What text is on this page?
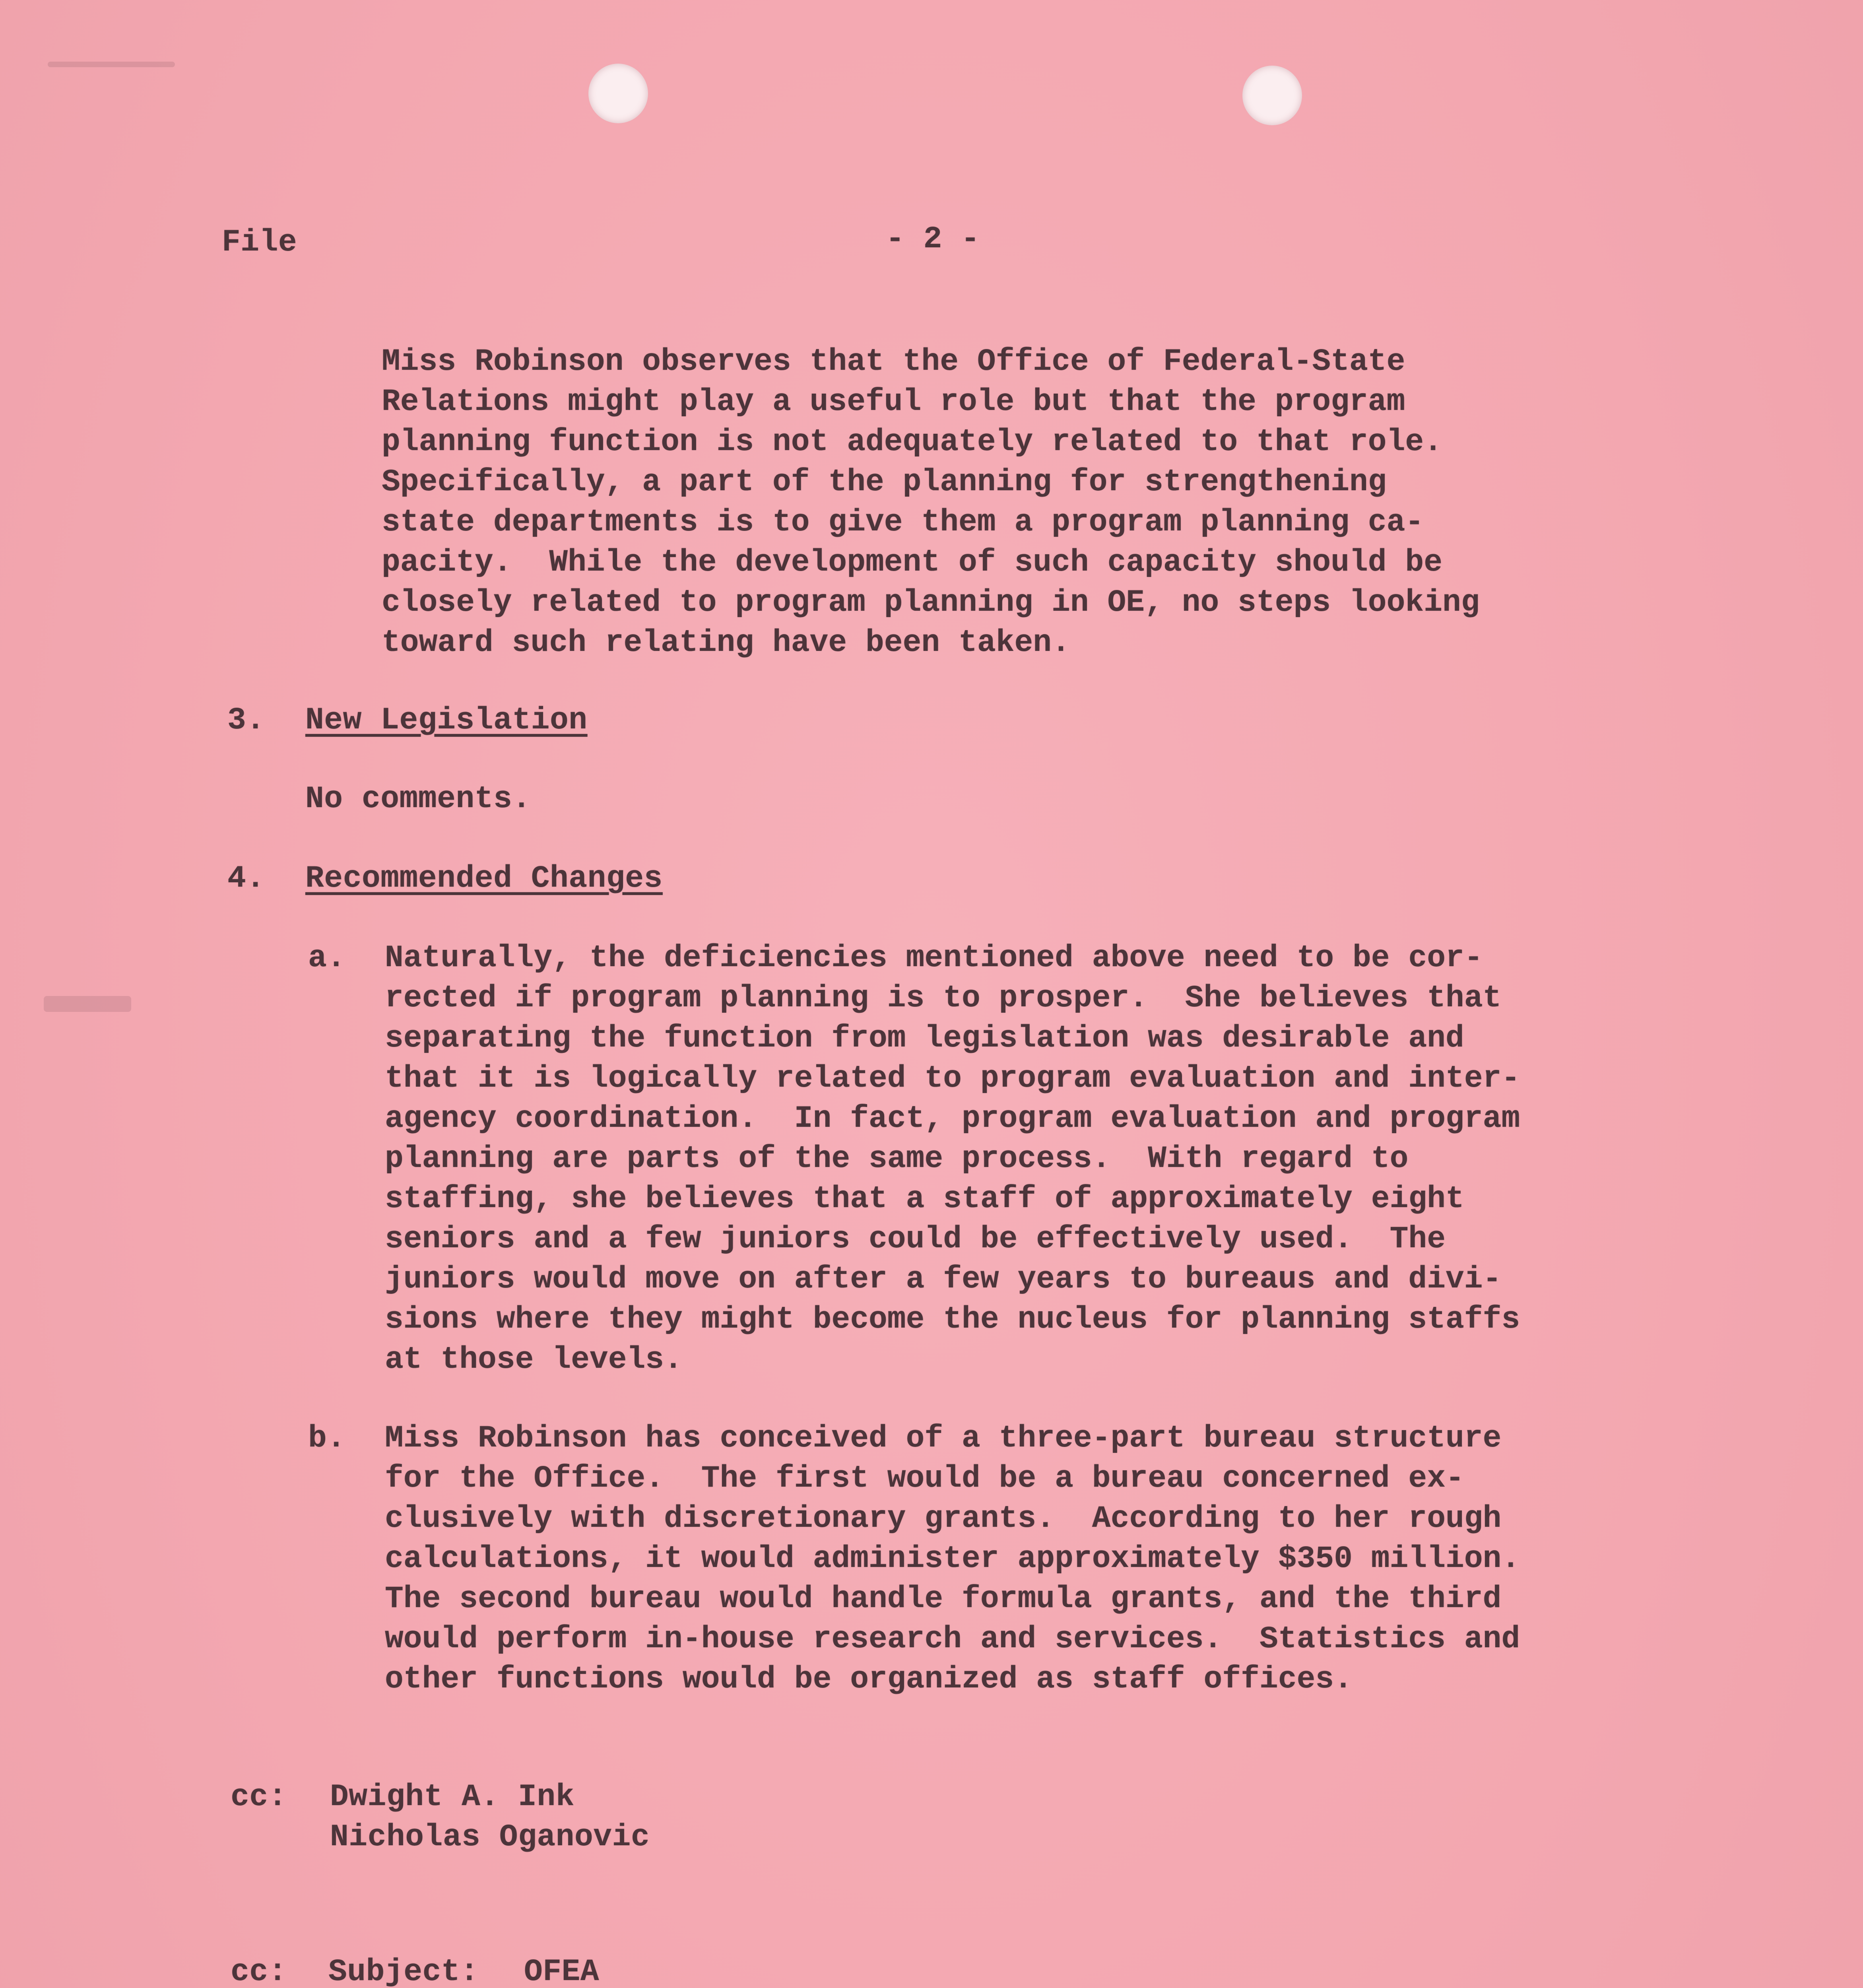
File	- 2 -
Miss Robinson observes that the Office of Federal-State
Relations might play a useful role but that the program
planning function is not adequately related to that role.
Specifically, a part of the planning for strengthening
state departments is to give them a program planning ca-
pacity.  While the development of such capacity should be
closely related to program planning in OE, no steps looking
toward such relating have been taken.
3. New Legislation
No comments.
4. Recommended Changes
a. Naturally, the deficiencies mentioned above need to be cor-
rected if program planning is to prosper.  She believes that
separating the function from legislation was desirable and
that it is logically related to program evaluation and inter-
agency coordination.  In fact, program evaluation and program
planning are parts of the same process.  With regard to
staffing, she believes that a staff of approximately eight
seniors and a few juniors could be effectively used.  The
juniors would move on after a few years to bureaus and divi-
sions where they might become the nucleus for planning staffs
at those levels.
b. Miss Robinson has conceived of a three-part bureau structure
for the Office.  The first would be a bureau concerned ex-
clusively with discretionary grants.  According to her rough
calculations, it would administer approximately $350 million.
The second bureau would handle formula grants, and the third
would perform in-house research and services.  Statistics and
other functions would be organized as staff offices.
cc: Dwight A. Ink
Nicholas Oganovic
cc: Subject: OFEA
